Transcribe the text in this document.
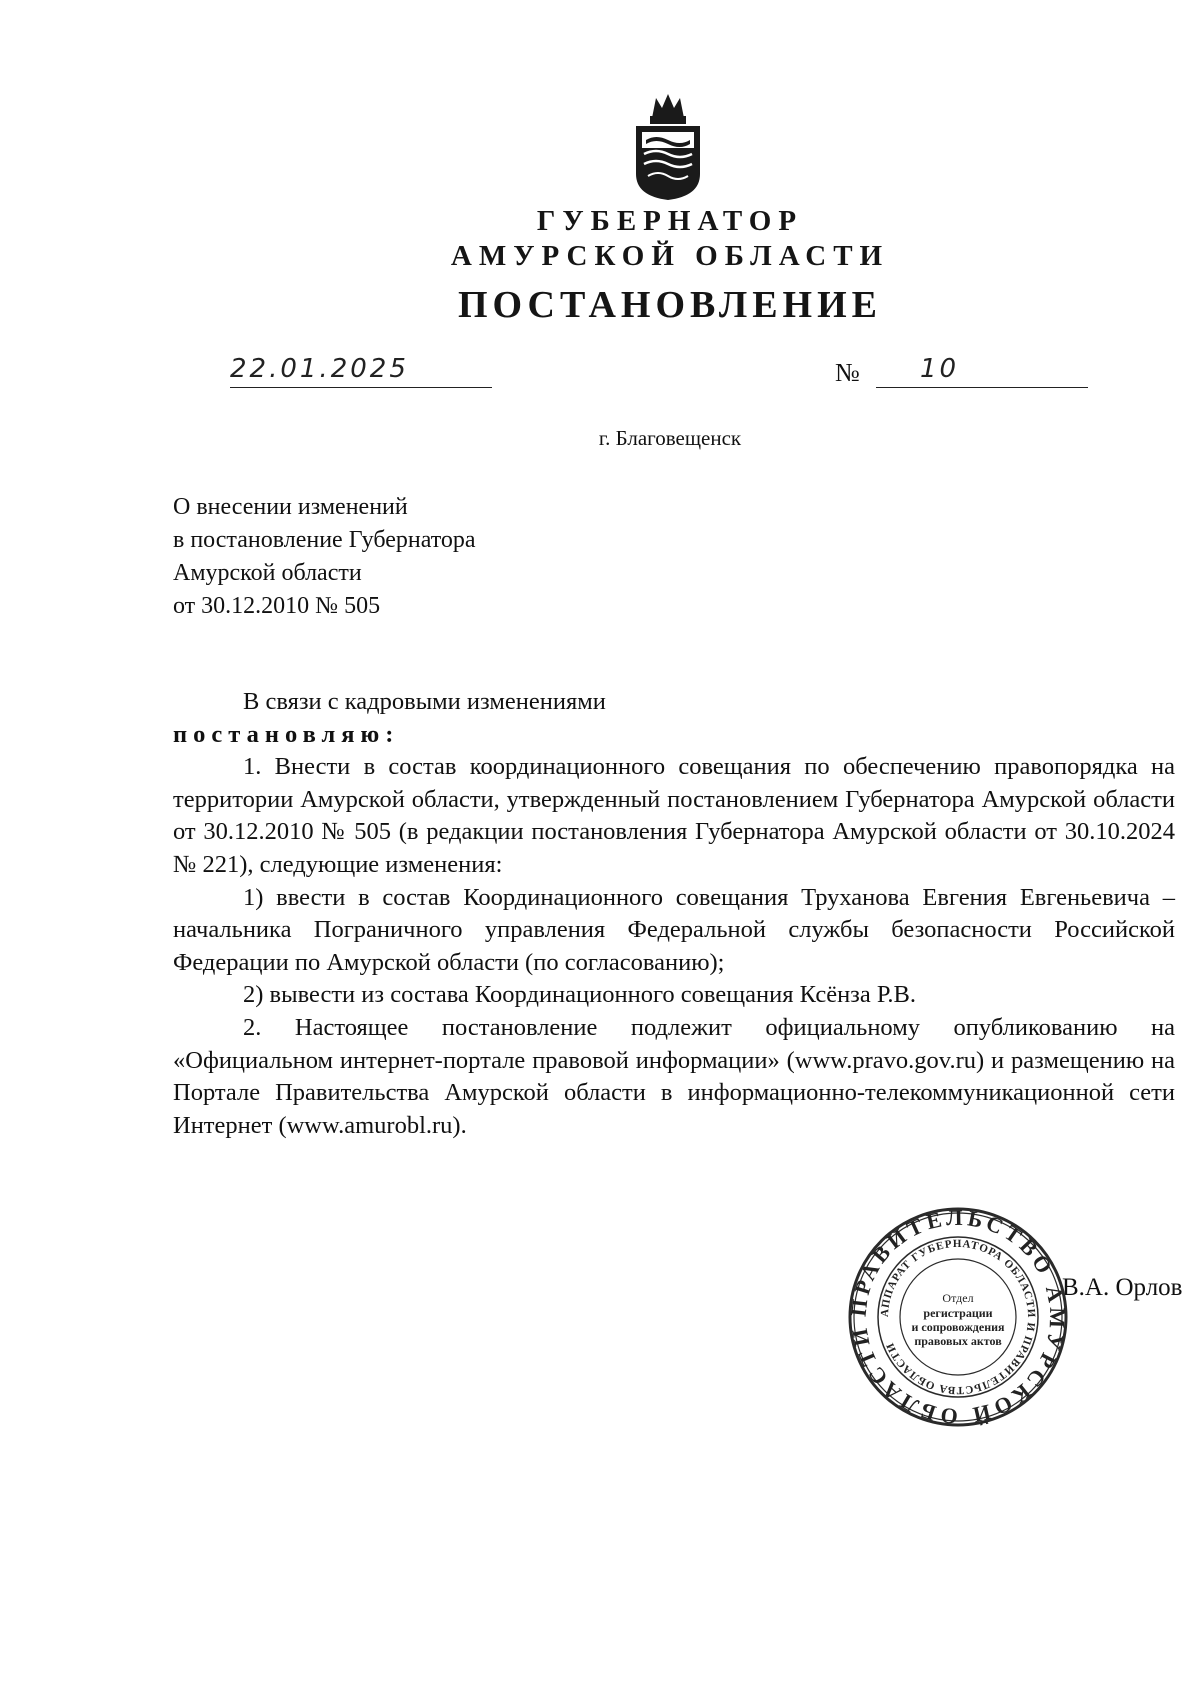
ГУБЕРНАТОР
АМУРСКОЙ ОБЛАСТИ
ПОСТАНОВЛЕНИЕ
22.01.2025	№ 10
г. Благовещенск
О внесении изменений
в постановление Губернатора
Амурской области
от 30.12.2010 № 505

В связи с кадровыми изменениями

постановляю:

1. Внести в состав координационного совещания по обеспечению правопорядка на территории Амурской области, утвержденный постановлением Губернатора Амурской области от 30.12.2010 № 505 (в редакции постановления Губернатора Амурской области от 30.10.2024 № 221), следующие изменения:

1) ввести в состав Координационного совещания Труханова Евгения Евгеньевича – начальника Пограничного управления Федеральной службы безопасности Российской Федерации по Амурской области (по согласованию);

2) вывести из состава Координационного совещания Ксёнза Р.В.

2. Настоящее постановление подлежит официальному опубликованию на «Официальном интернет-портале правовой информации» (www.pravo.gov.ru) и размещению на Портале Правительства Амурской области в информационно-телекоммуникационной сети Интернет (www.amurobl.ru).

В.А. Орлов
ПРАВИТЕЛЬСТВО АМУРСКОЙ ОБЛАСТИ
АППАРАТ ГУБЕРНАТОРА ОБЛАСТИ И ПРАВИТЕЛЬСТВА ОБЛАСТИ
Отдел
регистрации
и сопровождения
правовых актов
